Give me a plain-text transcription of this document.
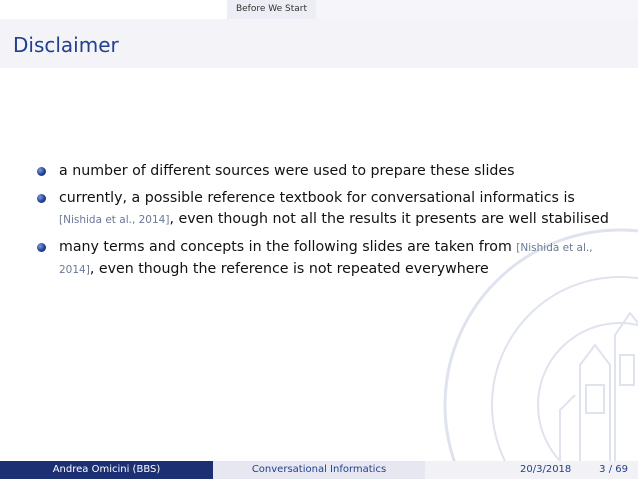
Before We Start
Disclaimer
a number of different sources were used to prepare these slides
currently, a possible reference textbook for conversational informatics is [Nishida et al., 2014], even though not all the results it presents are well stabilised
many terms and concepts in the following slides are taken from [Nishida et al., 2014], even though the reference is not repeated everywhere
Andrea Omicini (BBS)	Conversational Informatics	20/3/2018	3 / 69
